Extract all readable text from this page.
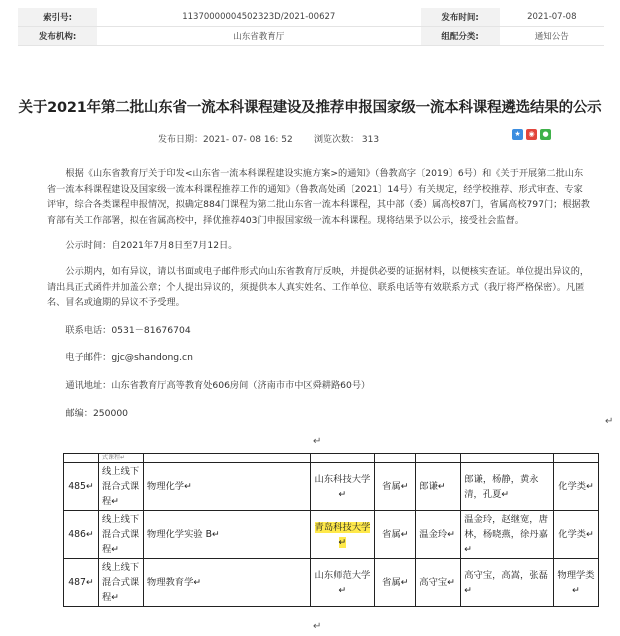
索引号:	11370000004502323D/2021-00627	发布时间:	2021-07-08
发布机构:	山东省教育厅	组配分类:	通知公告
关于2021年第二批山东省一流本科课程建设及推荐申报国家级一流本科课程遴选结果的公示
发布日期：2021- 07- 08 16: 52 浏览次数： 313
★	◉	●

根据《山东省教育厅关于印发<山东省一流本科课程建设实施方案>的通知》（鲁教高字〔2019〕6号）和《关于开展第二批山东省一流本科课程建设及国家级一流本科课程推荐工作的通知》（鲁教高处函〔2021〕14号）有关规定，经学校推荐、形式审查、专家评审，综合各类课程申报情况，拟确定884门课程为第二批山东省一流本科课程，其中部（委）属高校87门，省属高校797门；根据教育部有关工作部署，拟在省属高校中，择优推荐403门申报国家级一流本科课程。现将结果予以公示，接受社会监督。

公示时间：自2021年7月8日至7月12日。

公示期内，如有异议，请以书面或电子邮件形式向山东省教育厅反映，并提供必要的证据材料，以便核实查证。单位提出异议的，请出具正式函件并加盖公章；个人提出异议的，须提供本人真实姓名、工作单位、联系电话等有效联系方式（我厅将严格保密）。凡匿名、冒名或逾期的异议不予受理。

联系电话：0531－81676704

电子邮件：gjc@shandong.cn

通讯地址：山东省教育厅高等教育处606房间（济南市市中区舜耕路60号）

邮编：250000

↵
↵
	式课程↵						
485↵	线上线下混合式课程↵	物理化学↵	山东科技大学↵	省属↵	郎谦↵	郎谦，杨静，黄永清，孔夏↵	化学类↵
486↵	线上线下混合式课程↵	物理化学实验 B↵	青岛科技大学↵	省属↵	温金玲↵	温金玲，赵继宽，唐林，杨晓燕，徐丹嘉↵	化学类↵
487↵	线上线下混合式课程↵	物理教育学↵	山东师范大学↵	省属↵	高守宝↵	高守宝，高嵩，张磊↵	物理学类↵
↵
